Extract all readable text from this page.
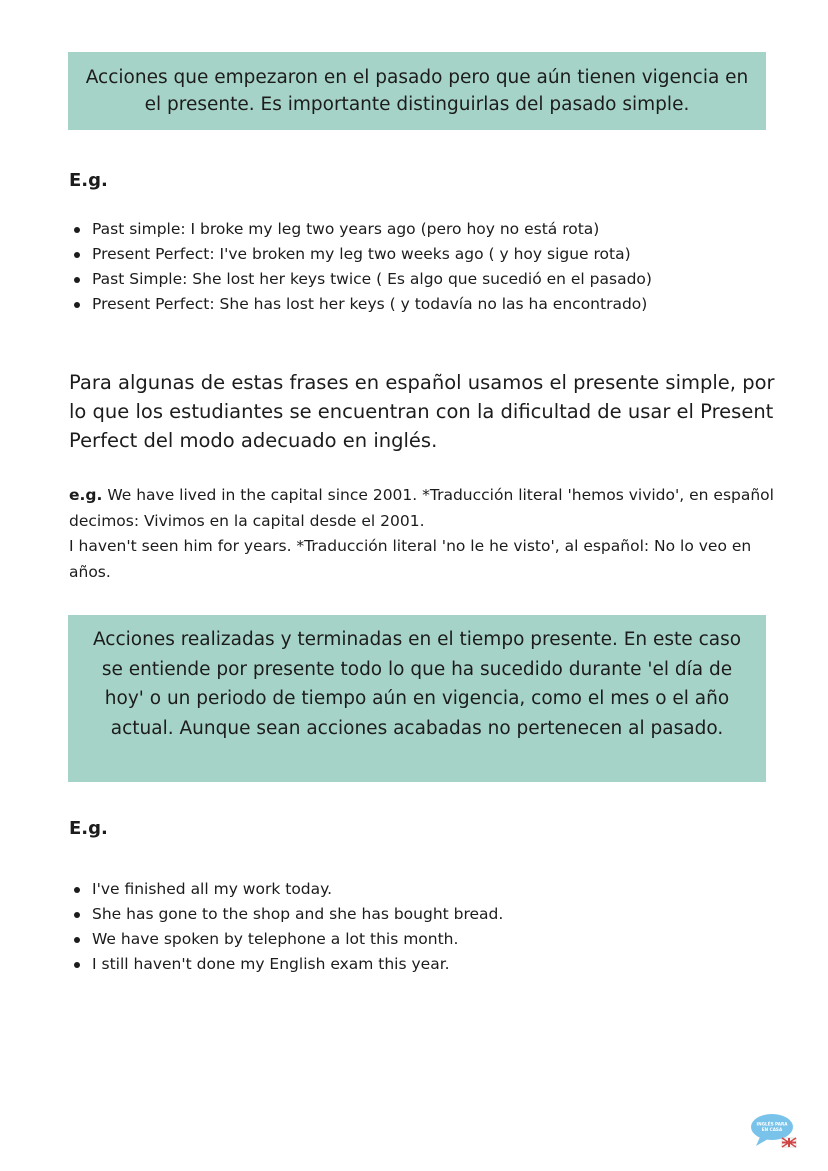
Acciones que empezaron en el pasado pero que aún tienen vigencia en el presente. Es importante distinguirlas del pasado simple.
E.g.
Past simple: I broke my leg two years ago (pero hoy no está rota)
Present Perfect: I've broken my leg two weeks ago ( y hoy sigue rota)
Past Simple: She lost her keys twice ( Es algo que sucedió en el pasado)
Present Perfect: She has lost her keys ( y todavía no las ha encontrado)
Para algunas de estas frases en español usamos el presente simple, por lo que los estudiantes se encuentran con la dificultad de usar el Present Perfect del modo adecuado en inglés.
e.g. We have lived in the capital since 2001. *Traducción literal 'hemos vivido', en español decimos: Vivimos en la capital desde el 2001.
I haven't seen him for years. *Traducción literal 'no le he visto', al español: No lo veo en años.
Acciones realizadas y terminadas en el tiempo presente. En este caso se entiende por presente todo lo que ha sucedido durante 'el día de hoy' o un periodo de tiempo aún en vigencia, como el mes o el año actual. Aunque sean acciones acabadas no pertenecen al pasado.
E.g.
I've finished all my work today.
She has gone to the shop and she has bought bread.
We have spoken by telephone a lot this month.
I still haven't done my English exam this year.
INGLÉS PARA
EN CASA
